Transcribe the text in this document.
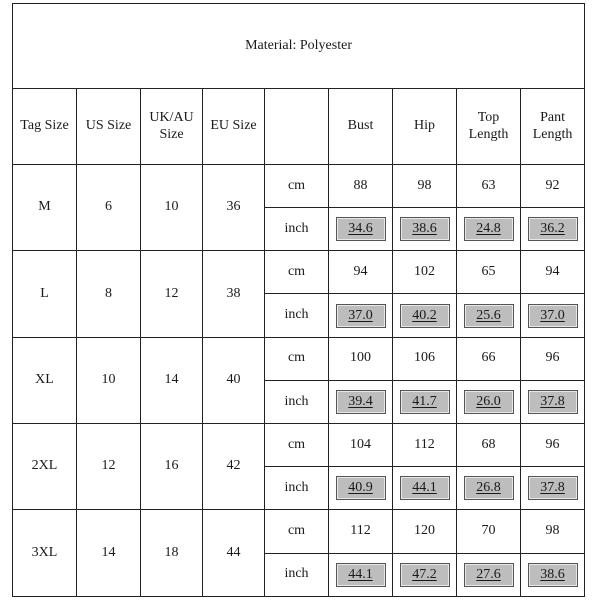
Material: Polyester								
Tag Size	US Size	UK/AU Size	EU Size		Bust	Hip	Top Length	Pant Length
M	6	10	36	cm	88	98	63	92
				inch	34.6	38.6	24.8	36.2
L	8	12	38	cm	94	102	65	94
				inch	37.0	40.2	25.6	37.0
XL	10	14	40	cm	100	106	66	96
				inch	39.4	41.7	26.0	37.8
2XL	12	16	42	cm	104	112	68	96
				inch	40.9	44.1	26.8	37.8
3XL	14	18	44	cm	112	120	70	98
				inch	44.1	47.2	27.6	38.6
